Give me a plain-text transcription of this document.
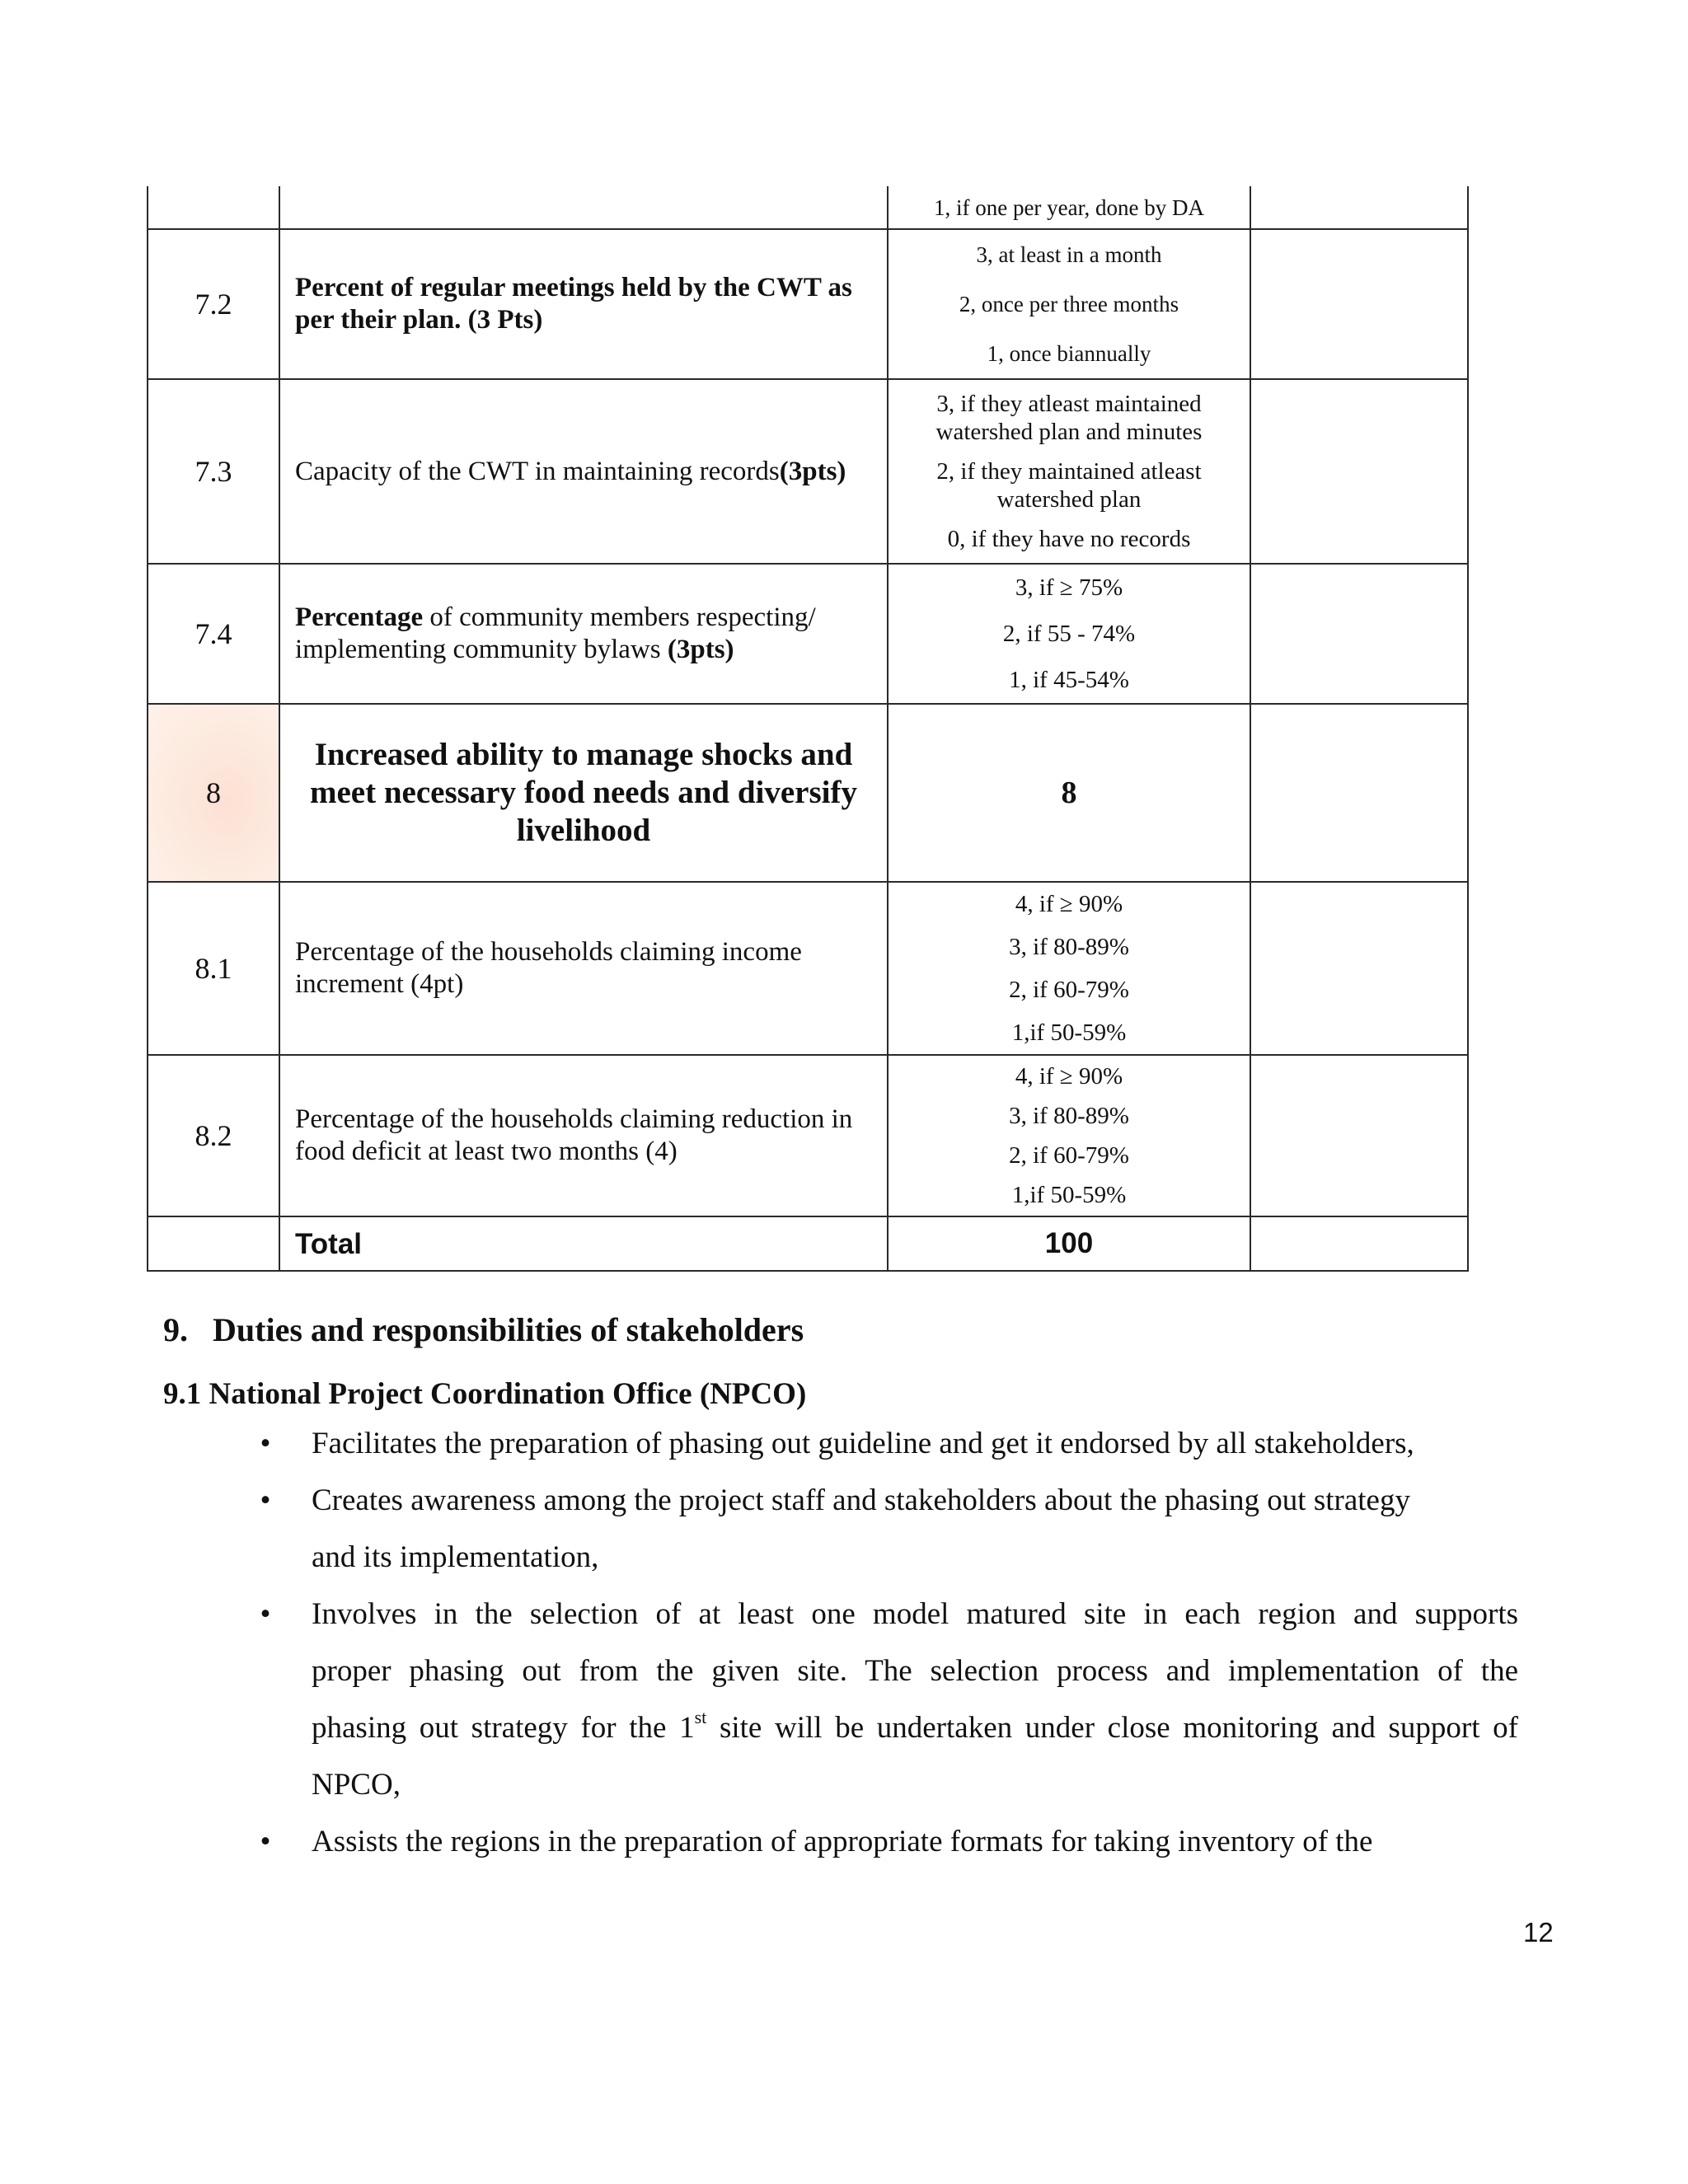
		1, if one per year, done by DA	

7.2	Percent of regular meetings held by the CWT as per their plan. (3 Pts)	3, at least in a month
2, once per three months
1, once biannually	

7.3	Capacity of the CWT in maintaining records(3pts)	3, if they atleast maintained watershed plan and minutes
2, if they maintained atleast watershed plan
0, if they have no records	

7.4	Percentage of community members respecting/ implementing community bylaws (3pts)	3, if ≥ 75%
2, if 55 - 74%
1, if 45-54%	

8	Increased ability to manage shocks and meet necessary food needs and diversify livelihood	8	
8.1	Percentage of the households claiming income increment (4pt)	4, if ≥ 90%
3, if 80-89%
2, if 60-79%
1,if 50-59%	

8.2	Percentage of the households claiming reduction in food deficit at least two months (4)	4, if ≥ 90%
3, if 80-89%
2, if 60-79%
1,if 50-59%	

	Total	100	
9. Duties and responsibilities of stakeholders
9.1 National Project Coordination Office (NPCO)
• Facilitates the preparation of phasing out guideline and get it endorsed by all stakeholders,
• Creates awareness among the project staff and stakeholders about the phasing out strategy and its implementation,
• Involves in the selection of at least one model matured site in each region and supports proper phasing out from the given site. The selection process and implementation of the phasing out strategy for the 1st site will be undertaken under close monitoring and support of NPCO,
• Assists the regions in the preparation of appropriate formats for taking inventory of the
12
